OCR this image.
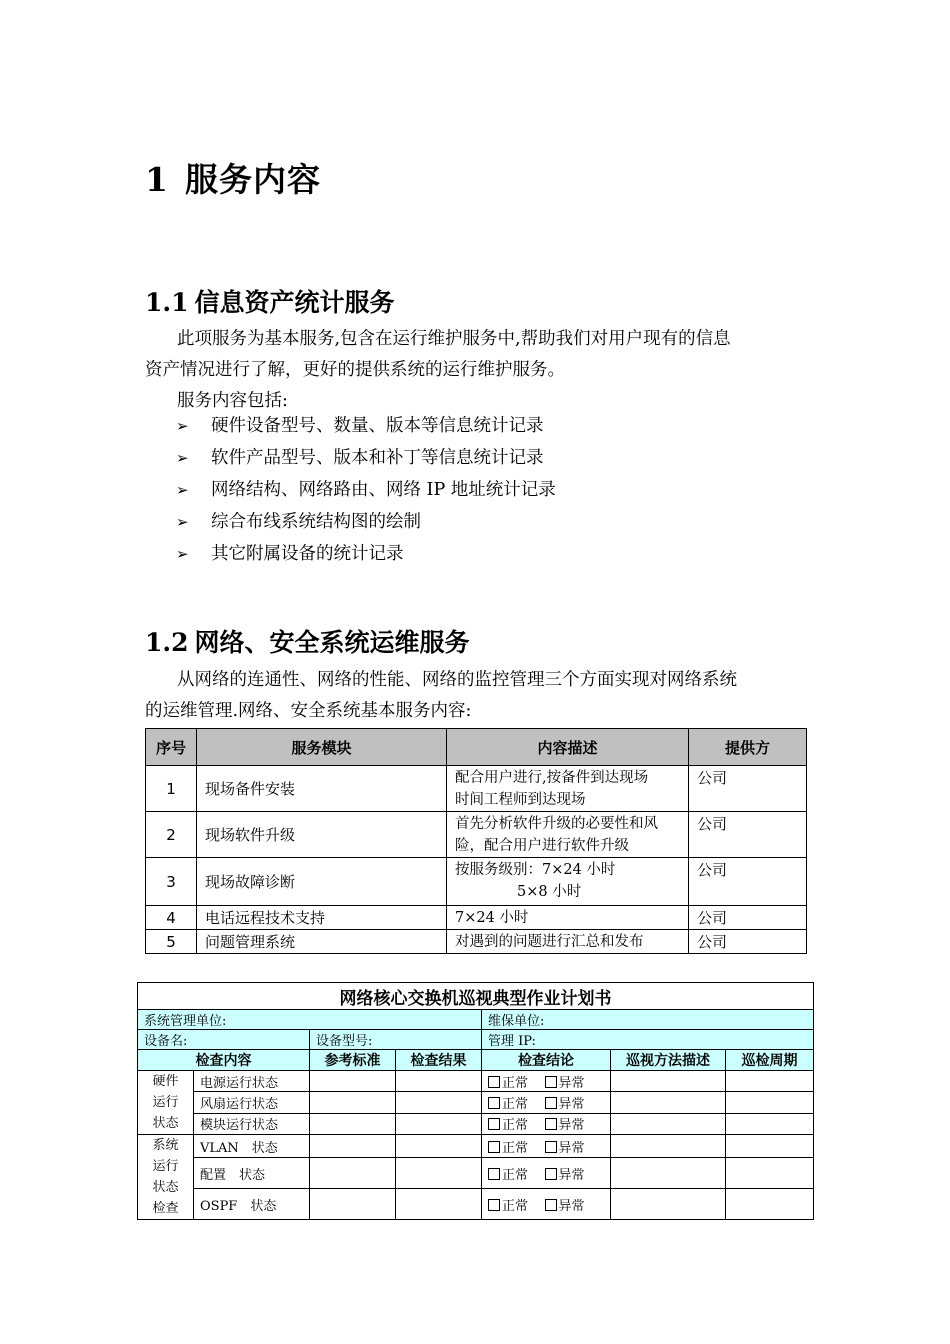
1 服务内容
1.1 信息资产统计服务
此项服务为基本服务,包含在运行维护服务中,帮助我们对用户现有的信息
资产情况进行了解，更好的提供系统的运行维护服务。
服务内容包括:
➢	硬件设备型号、数量、版本等信息统计记录
➢	软件产品型号、版本和补丁等信息统计记录
➢	网络结构、网络路由、网络 IP 地址统计记录
➢	综合布线系统结构图的绘制
➢	其它附属设备的统计记录
1.2 网络、安全系统运维服务
从网络的连通性、网络的性能、网络的监控管理三个方面实现对网络系统
的运维管理.网络、安全系统基本服务内容:
序号	服务模块	内容描述	提供方
1	现场备件安装	配合用户进行,按备件到达现场
时间工程师到达现场	公司
2	现场软件升级	首先分析软件升级的必要性和风
险，配合用户进行软件升级	公司
3	现场故障诊断	按服务级别：7×24 小时
5×8 小时	公司
4	电话远程技术支持	7×24 小时	公司
5	问题管理系统	对遇到的问题进行汇总和发布	公司
网络核心交换机巡视典型作业计划书						
系统管理单位:				维保单位:		
设备名:		设备型号:		管理 IP:		
检查内容		参考标准	检查结果	检查结论	巡视方法描述	巡检周期

硬件
运行
状态	电源运行状态			正常 异常		
	风扇运行状态			正常 异常		
	模块运行状态			正常 异常		

系统
运行
状态
检查	VLAN　状态			正常 异常		
	配置　状态			正常 异常		
	OSPF　状态			正常 异常		
